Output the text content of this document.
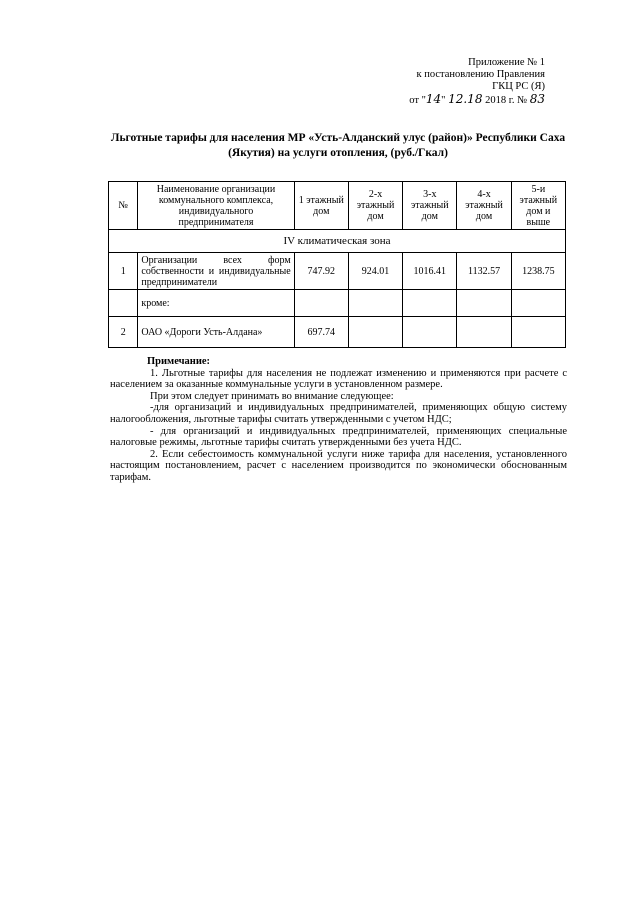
Приложение № 1
к постановлению Правления
ГКЦ РС (Я)
от "14" 12.18 2018 г. № 83
Льготные тарифы для населения МР «Усть-Алданский улус (район)» Республики Саха (Якутия) на услуги отопления, (руб./Гкал)
№	Наименование организации коммунального комплекса, индивидуального предпринимателя	1 этажный дом	2-х этажный дом	3-х этажный дом	4-х этажный дом	5-и этажный дом и выше
IV климатическая зона						
1	Организации всех форм собственности и индивидуальные предприниматели	747.92	924.01	1016.41	1132.57	1238.75
	кроме:					
2	ОАО «Дороги Усть-Алдана»	697.74				

Примечание:

1. Льготные тарифы для населения не подлежат изменению и применяются при расчете с населением за оказанные коммунальные услуги в установленном размере.

При этом следует принимать во внимание следующее:

-для организаций и индивидуальных предпринимателей, применяющих общую систему налогообложения, льготные тарифы считать утвержденными с учетом НДС;

- для организаций и индивидуальных предпринимателей, применяющих специальные налоговые режимы, льготные тарифы считать утвержденными без учета НДС.

2. Если себестоимость коммунальной услуги ниже тарифа для населения, установленного настоящим постановлением, расчет с населением производится по экономически обоснованным тарифам.
